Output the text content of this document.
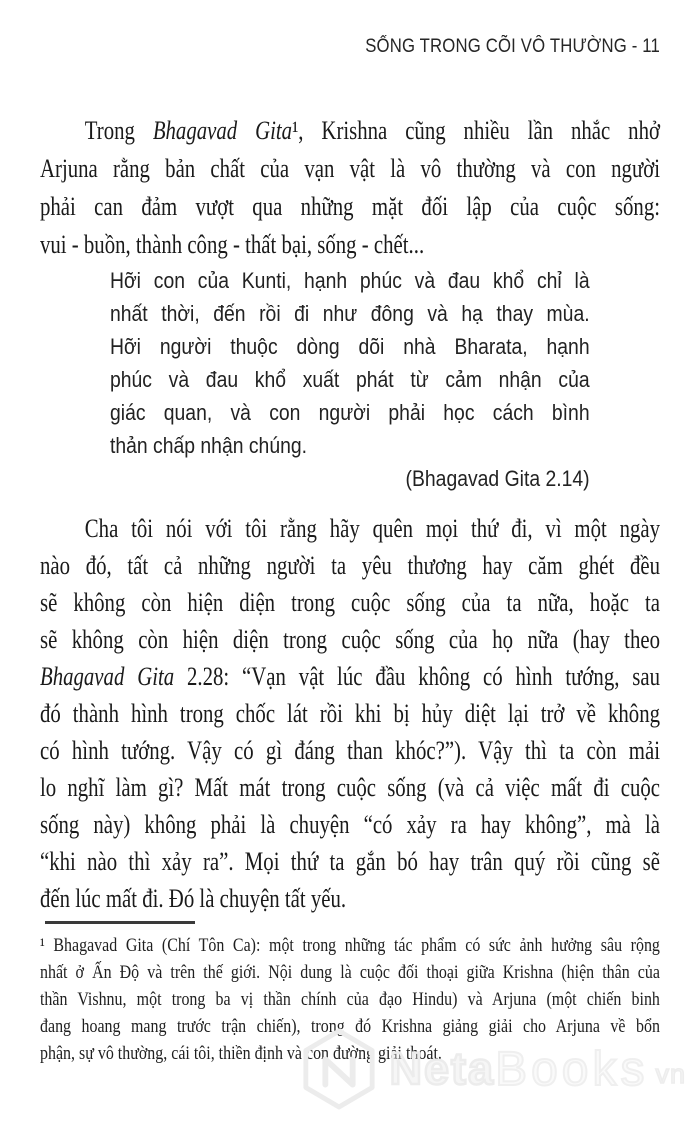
SỐNG TRONG CÕI VÔ THƯỜNG - 11
Trong Bhagavad Gita¹, Krishna cũng nhiều lần nhắc nhở
Arjuna rằng bản chất của vạn vật là vô thường và con người
phải can đảm vượt qua những mặt đối lập của cuộc sống:
vui - buồn, thành công - thất bại, sống - chết...
Hỡi con của Kunti, hạnh phúc và đau khổ chỉ là
nhất thời, đến rồi đi như đông và hạ thay mùa.
Hỡi người thuộc dòng dõi nhà Bharata, hạnh
phúc và đau khổ xuất phát từ cảm nhận của
giác quan, và con người phải học cách bình
thản chấp nhận chúng.
(Bhagavad Gita 2.14)
Cha tôi nói với tôi rằng hãy quên mọi thứ đi, vì một ngày
nào đó, tất cả những người ta yêu thương hay căm ghét đều
sẽ không còn hiện diện trong cuộc sống của ta nữa, hoặc ta
sẽ không còn hiện diện trong cuộc sống của họ nữa (hay theo
Bhagavad Gita 2.28: “Vạn vật lúc đầu không có hình tướng, sau
đó thành hình trong chốc lát rồi khi bị hủy diệt lại trở về không
có hình tướng. Vậy có gì đáng than khóc?”). Vậy thì ta còn mải
lo nghĩ làm gì? Mất mát trong cuộc sống (và cả việc mất đi cuộc
sống này) không phải là chuyện “có xảy ra hay không”, mà là
“khi nào thì xảy ra”. Mọi thứ ta gắn bó hay trân quý rồi cũng sẽ
đến lúc mất đi. Đó là chuyện tất yếu.
¹ Bhagavad Gita (Chí Tôn Ca): một trong những tác phẩm có sức ảnh hưởng sâu rộng
nhất ở Ấn Độ và trên thế giới. Nội dung là cuộc đối thoại giữa Krishna (hiện thân của
thần Vishnu, một trong ba vị thần chính của đạo Hindu) và Arjuna (một chiến binh
đang hoang mang trước trận chiến), trong đó Krishna giảng giải cho Arjuna về bổn
phận, sự vô thường, cái tôi, thiền định và con đường giải thoát.
Neta Books vn
